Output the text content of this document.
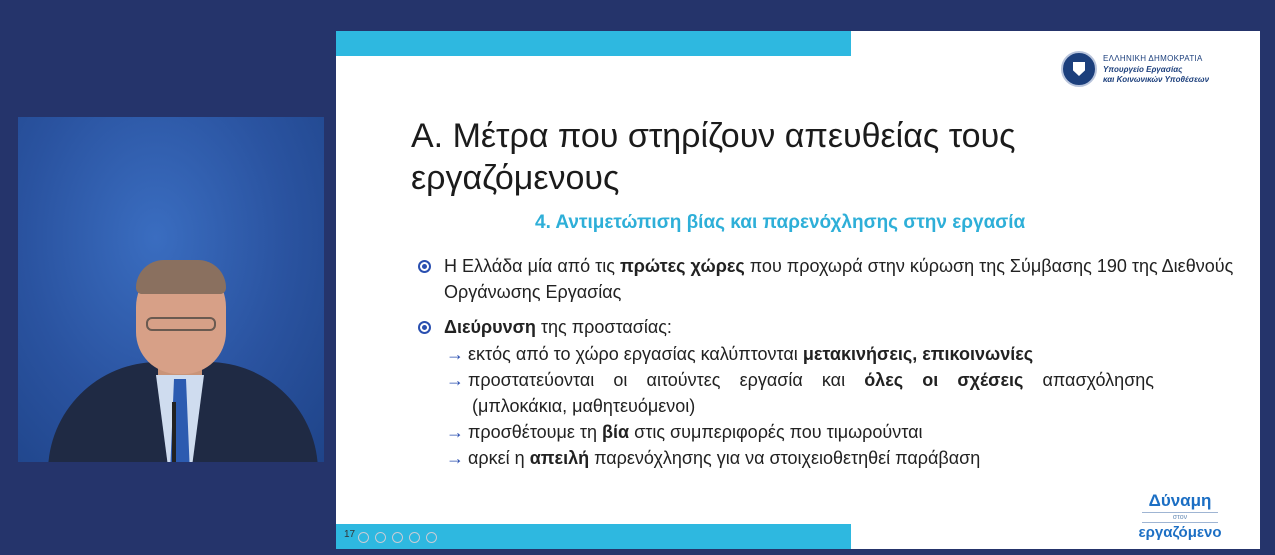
ΕΛΛΗΝΙΚΗ ΔΗΜΟΚΡΑΤΙΑ
Υπουργείο Εργασίας
και Κοινωνικών Υποθέσεων
Α. Μέτρα που στηρίζουν απευθείας τους εργαζόμενους
4. Αντιμετώπιση βίας και παρενόχλησης στην εργασία
Η Ελλάδα μία από τις πρώτες χώρες που προχωρά στην κύρωση της Σύμβασης 190 της Διεθνούς Οργάνωσης Εργασίας
Διεύρυνση της προστασίας:
→ εκτός από το χώρο εργασίας καλύπτονται μετακινήσεις, επικοινωνίες
→ προστατεύονται οι αιτούντες εργασία και όλες οι σχέσεις απασχόλησης
(μπλοκάκια, μαθητευόμενοι)
→ προσθέτουμε τη βία στις συμπεριφορές που τιμωρούνται
→ αρκεί η απειλή παρενόχλησης για να στοιχειοθετηθεί παράβαση
17
Δύναμη
στον
εργαζόμενο
